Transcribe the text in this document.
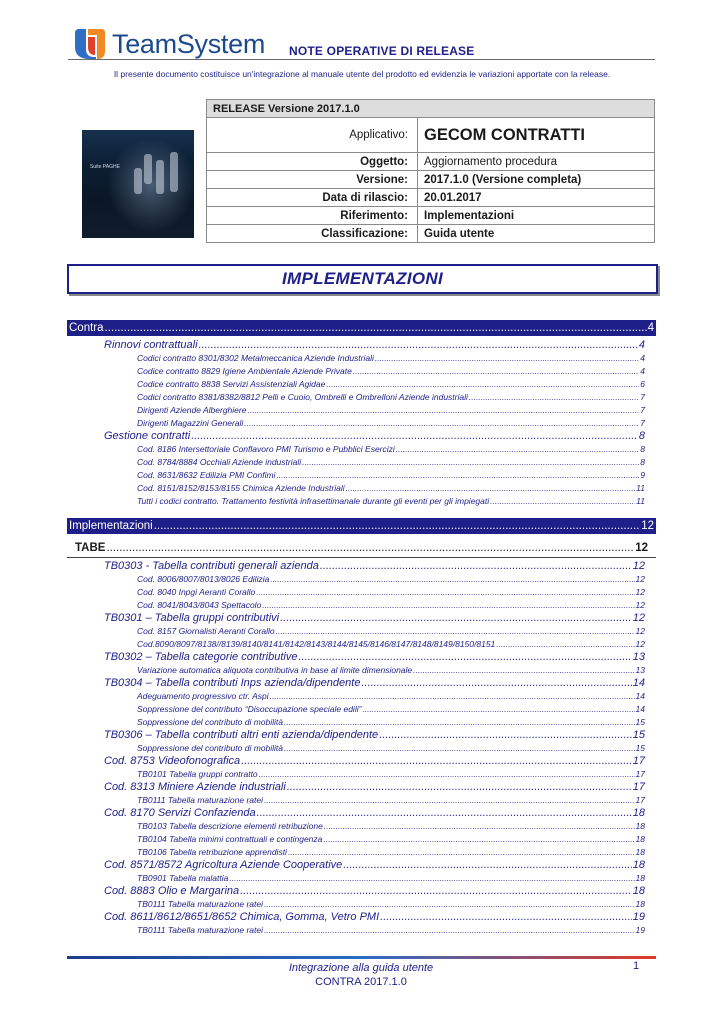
TeamSystem NOTE OPERATIVE DI RELEASE
Il presente documento costituisce un'integrazione al manuale utente del prodotto ed evidenzia le variazioni apportate con la release.
Suite PAGHE
RELEASE Versione 2017.1.0	
Applicativo:	GECOM CONTRATTI
Oggetto:	Aggiornamento procedura
Versione:	2017.1.0 (Versione completa)
Data di rilascio:	20.01.2017
Riferimento:	Implementazioni
Classificazione:	Guida utente
IMPLEMENTAZIONI
Contra .....	4
Rinnovi contrattuali .....	4
Codici contratto 8301/8302 Metalmeccanica Aziende Industriali .....	4
Codice contratto 8829 Igiene Ambientale Aziende Private .....	4
Codice contratto 8838 Servizi Assistenziali Agidae .....	6
Codici contratto 8381/8382/8812 Pelli e Cuoio, Ombrelli e Ombrelloni Aziende industriali .....	7
Dirigenti Aziende Alberghiere .....	7
Dirigenti Magazzini Generali .....	7
Gestione contratti .....	8
Cod. 8186 Intersettoriale Conflavoro PMI Turismo e Pubblici Esercizi .....	8
Cod. 8784/8884 Occhiali Aziende industriali .....	8
Cod. 8631/8632 Edilizia PMI Confimi .....	9
Cod. 8151/8152/8153/8155 Chimica Aziende Industriali .....	11
Tutti i codici contratto. Trattamento festività infrasettimanale durante gli eventi per gli impiegati .....	11
Implementazioni .....	12
TABE .....	12
TB0303 - Tabella contributi generali azienda .....	12
Cod. 8006/8007/8013/8026 Edilizia .....	12
Cod. 8040 Inpgi Aeranti Corallo .....	12
Cod. 8041/8043/8043 Spettacolo .....	12
TB0301 – Tabella gruppi contributivi .....	12
Cod. 8157 Giornalisti Aeranti Corallo .....	12
Cod.8090/8097/8138//8139/8140/8141/8142/8143/8144/8145/8146/8147/8148/8149/8150/8151 .....	12
TB0302 – Tabella categorie contributive .....	13
Variazione automatica aliquota contributiva in base al limite dimensionale .....	13
TB0304 – Tabella contributi Inps azienda/dipendente .....	14
Adeguamento progressivo ctr. Aspi .....	14
Soppressione del contributo “Disoccupazione speciale edili” .....	14
Soppressione del contributo di mobilità .....	15
TB0306 – Tabella contributi altri enti azienda/dipendente .....	15
Soppressione del contributo di mobilità .....	15
Cod. 8753 Videofonografica .....	17
TB0101 Tabella gruppi contratto .....	17
Cod. 8313 Miniere Aziende industriali .....	17
TB0111 Tabella maturazione ratei .....	17
Cod. 8170 Servizi Confazienda .....	18
TB0103 Tabella descrizione elementi retribuzione .....	18
TB0104 Tabella minimi contrattuali e contingenza .....	18
TB0106 Tabella retribuzione apprendisti .....	18
Cod. 8571/8572 Agricoltura Aziende Cooperative .....	18
TB0901 Tabella malattia .....	18
Cod. 8883 Olio e Margarina .....	18
TB0111 Tabella maturazione ratei .....	18
Cod. 8611/8612/8651/8652 Chimica, Gomma, Vetro PMI .....	19
TB0111 Tabella maturazione ratei .....	19
Integrazione alla guida utente
CONTRA 2017.1.0
1
